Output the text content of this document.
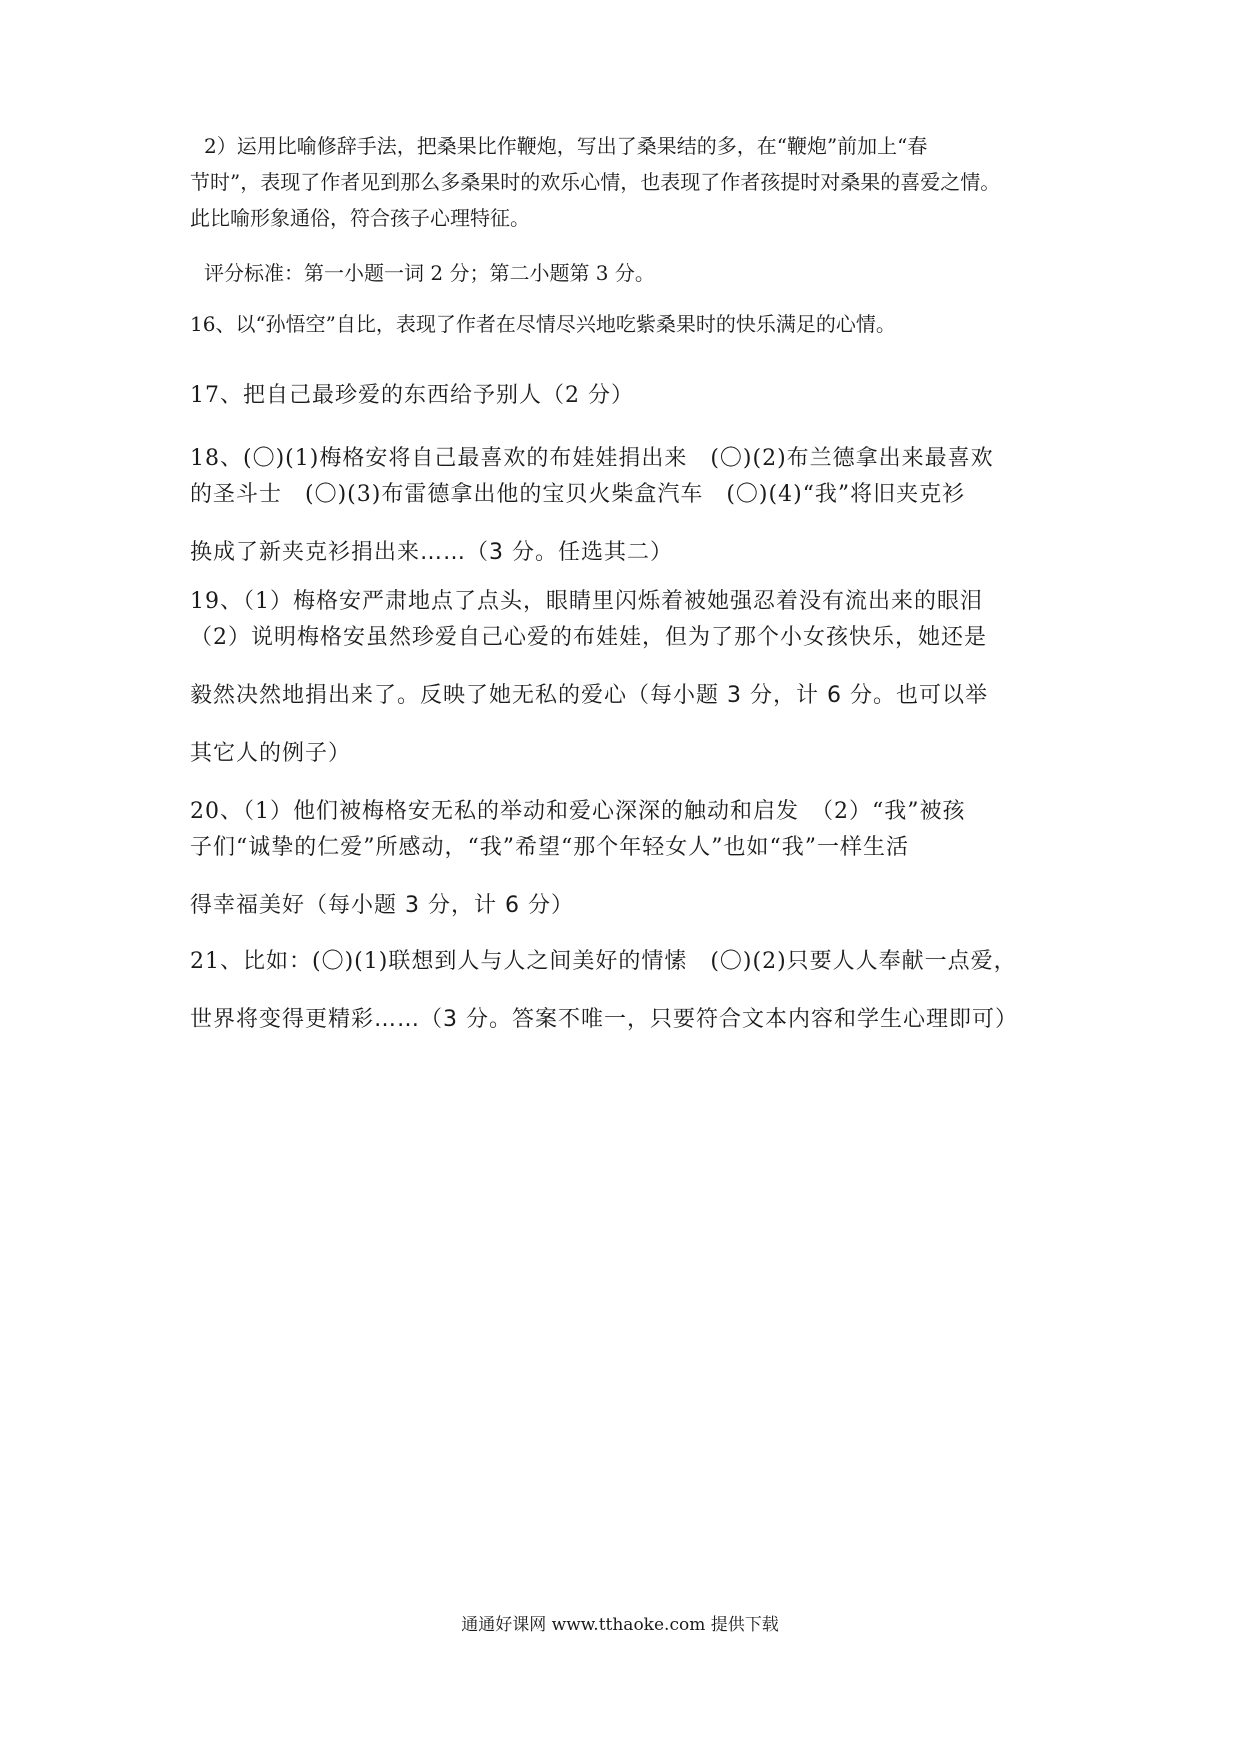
2）运用比喻修辞手法，把桑果比作鞭炮，写出了桑果结的多，在“鞭炮”前加上“春
节时”，表现了作者见到那么多桑果时的欢乐心情，也表现了作者孩提时对桑果的喜爱之情。
此比喻形象通俗，符合孩子心理特征。
评分标准：第一小题一词 2 分；第二小题第 3 分。
16、以“孙悟空”自比，表现了作者在尽情尽兴地吃紫桑果时的快乐满足的心情。
17、把自己最珍爱的东西给予别人（2 分）
18、(〇)(1)梅格安将自己最喜欢的布娃娃捐出来　(〇)(2)布兰德拿出来最喜欢
的圣斗士　(〇)(3)布雷德拿出他的宝贝火柴盒汽车　(〇)(4)“我”将旧夹克衫
换成了新夹克衫捐出来……（3 分。任选其二）
19、（1）梅格安严肃地点了点头，眼睛里闪烁着被她强忍着没有流出来的眼泪
（2）说明梅格安虽然珍爱自己心爱的布娃娃，但为了那个小女孩快乐，她还是
毅然决然地捐出来了。反映了她无私的爱心（每小题 3 分，计 6 分。也可以举
其它人的例子）
20、（1）他们被梅格安无私的举动和爱心深深的触动和启发　（2）“我”被孩
子们“诚挚的仁爱”所感动，“我”希望“那个年轻女人”也如“我”一样生活
得幸福美好（每小题 3 分，计 6 分）
21、比如：(〇)(1)联想到人与人之间美好的情愫　(〇)(2)只要人人奉献一点爱，
世界将变得更精彩……（3 分。答案不唯一，只要符合文本内容和学生心理即可）
通通好课网 www.tthaoke.com 提供下载
